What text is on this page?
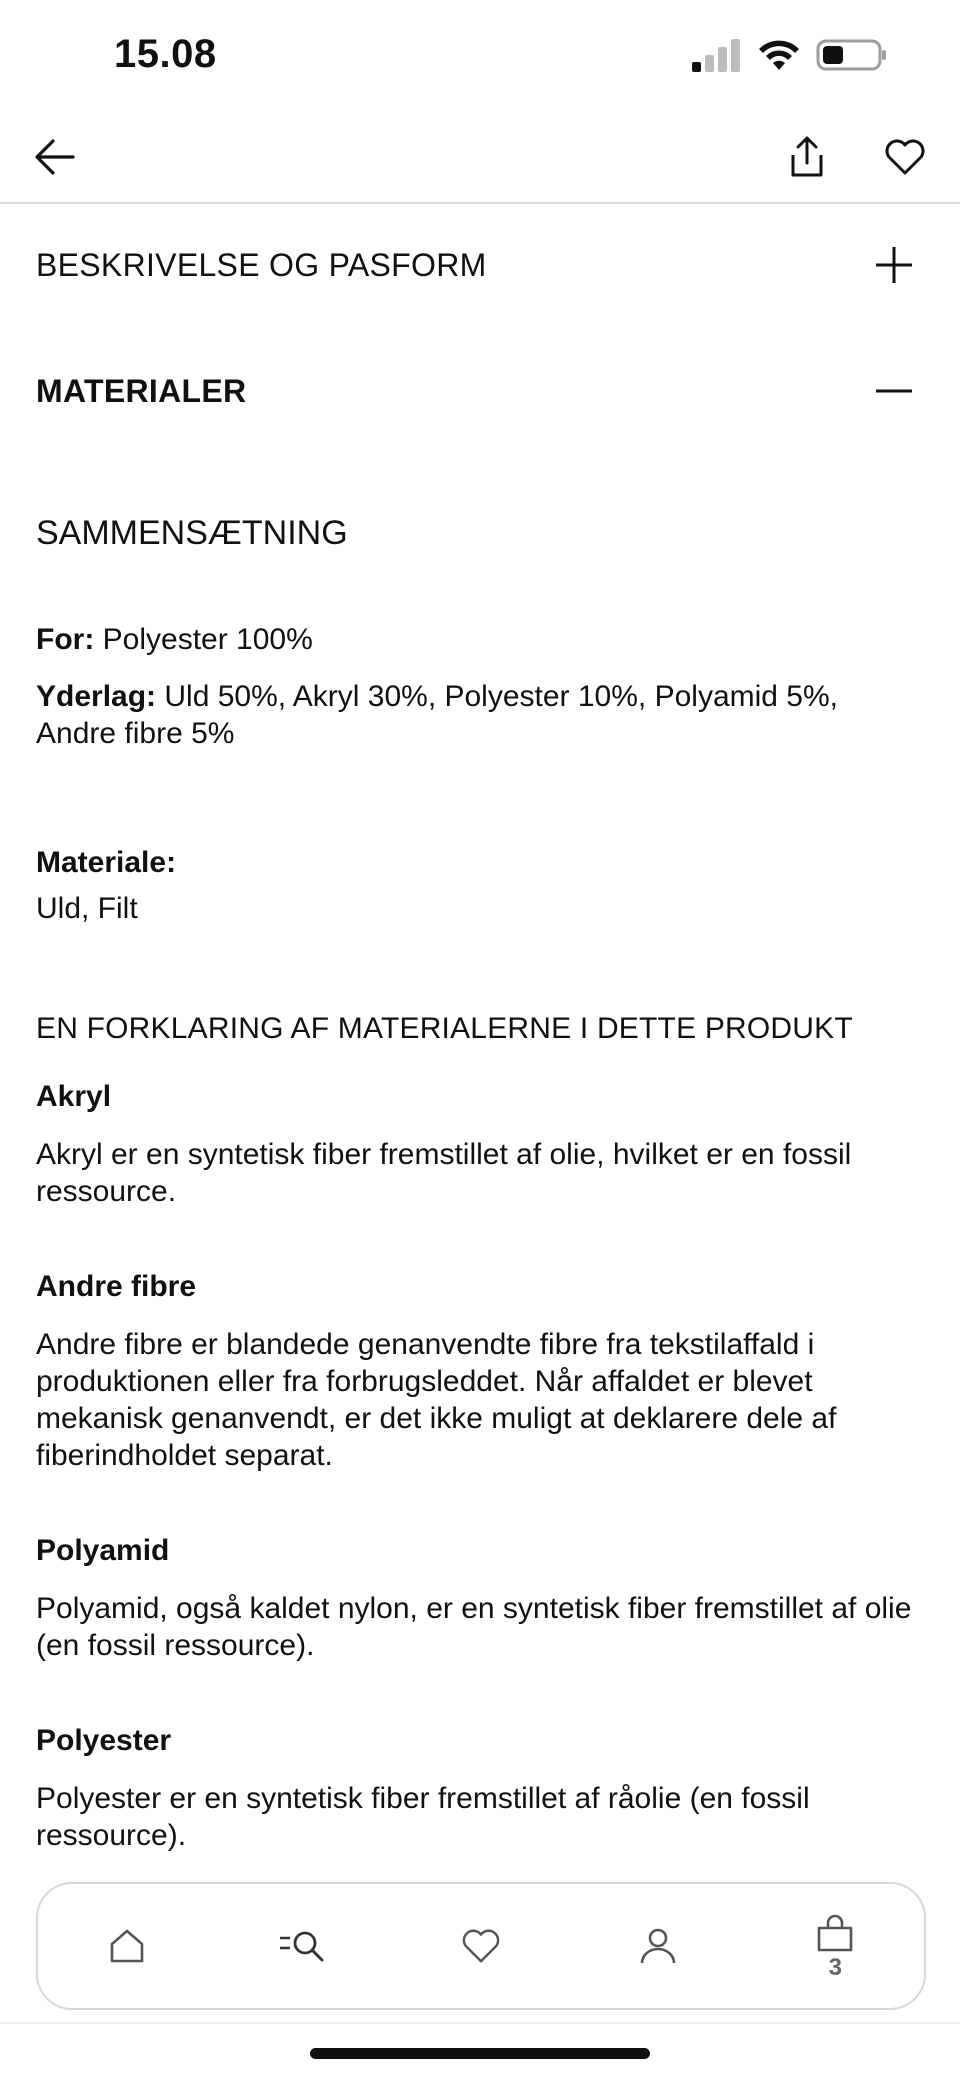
15.08
BESKRIVELSE OG PASFORM
MATERIALER
SAMMENSÆTNING

For: Polyester 100%

Yderlag: Uld 50%, Akryl 30%, Polyester 10%, Polyamid 5%, Andre fibre 5%

Materiale:
Uld, Filt
EN FORKLARING AF MATERIALERNE I DETTE PRODUKT
Akryl
Akryl er en syntetisk fiber fremstillet af olie, hvilket er en fossil ressource.
Andre fibre
Andre fibre er blandede genanvendte fibre fra tekstilaffald i produktionen eller fra forbrugsleddet. Når affaldet er blevet mekanisk genanvendt, er det ikke muligt at deklarere dele af fiberindholdet separat.
Polyamid
Polyamid, også kaldet nylon, er en syntetisk fiber fremstillet af olie (en fossil ressource).
Polyester
Polyester er en syntetisk fiber fremstillet af råolie (en fossil ressource).
3
